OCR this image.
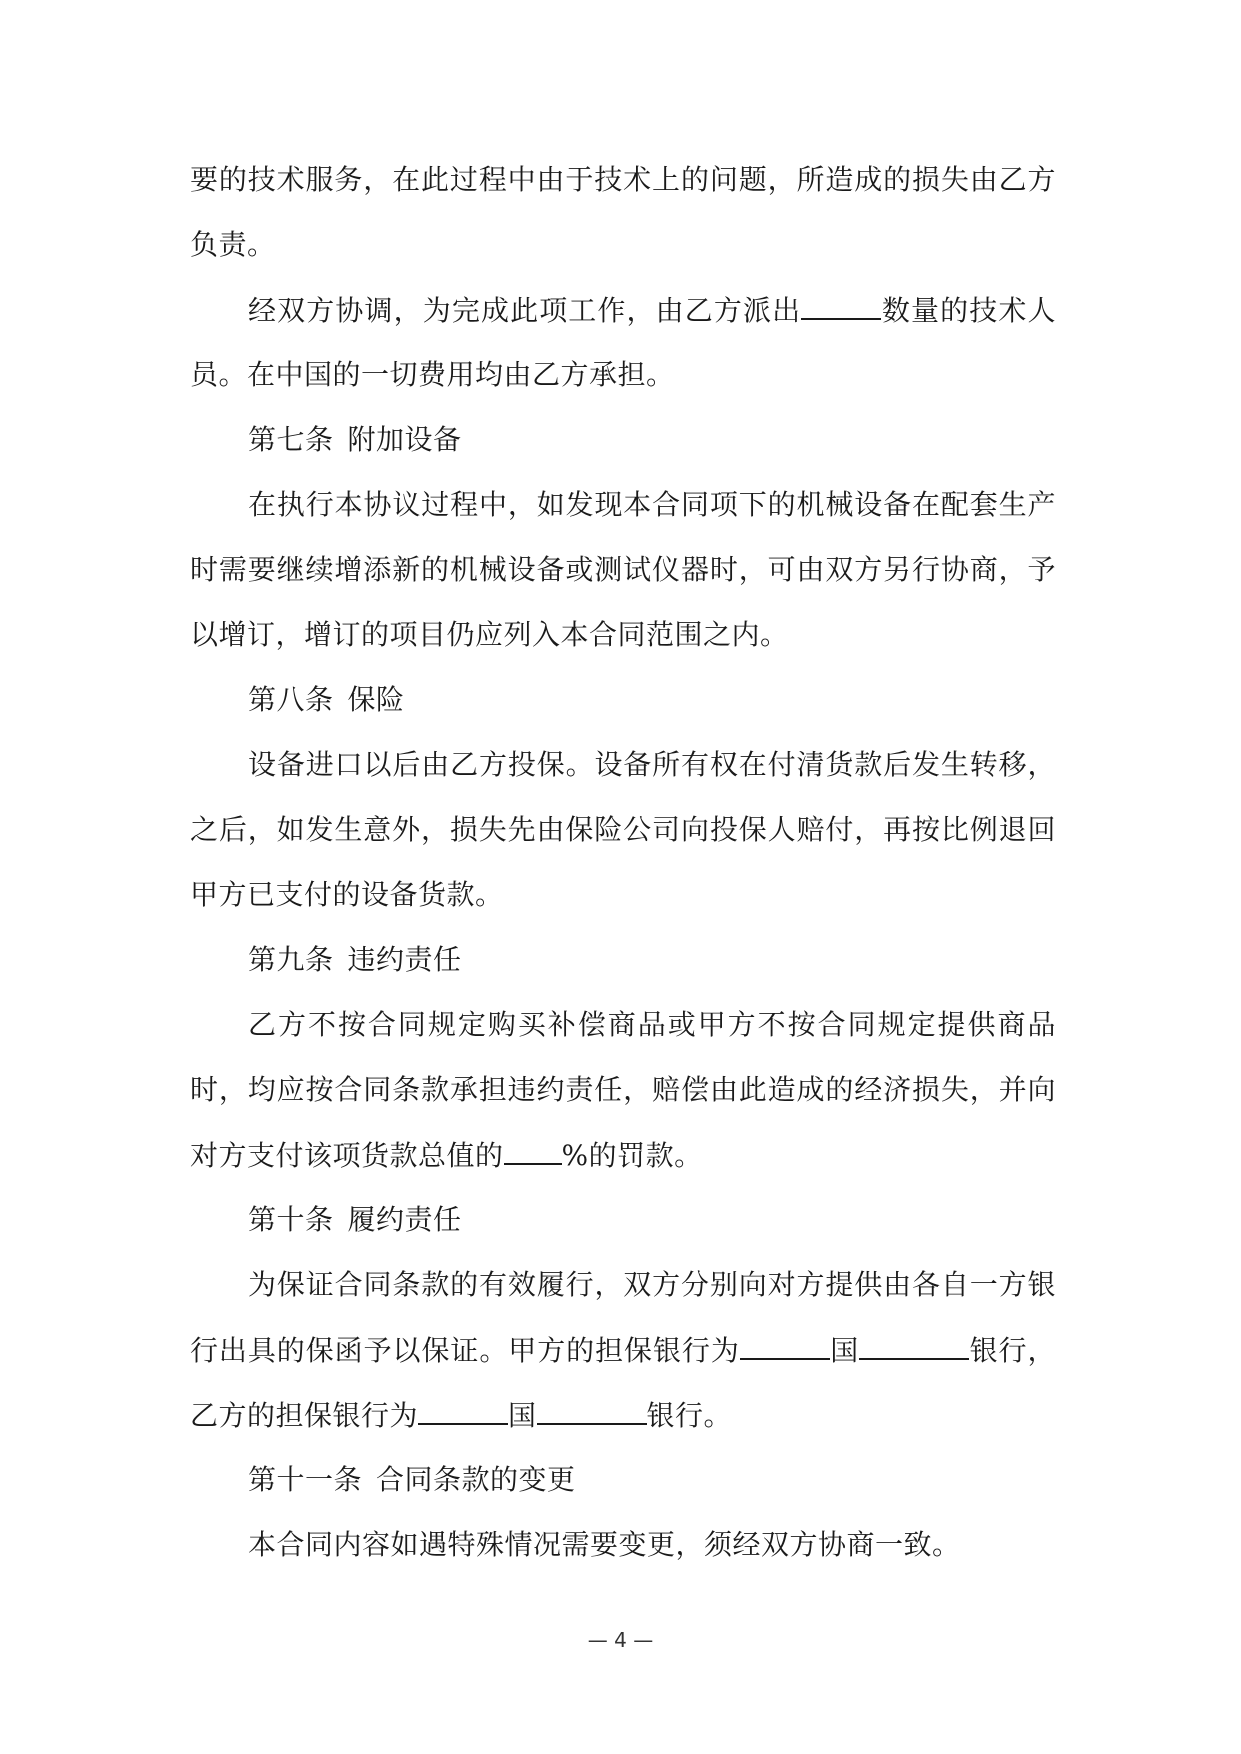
要的技术服务，在此过程中由于技术上的问题，所造成的损失由乙方
负责。
经双方协调，为完成此项工作，由乙方派出	数量的技术人
员。在中国的一切费用均由乙方承担。
第七条 附加设备
在执行本协议过程中，如发现本合同项下的机械设备在配套生产
时需要继续增添新的机械设备或测试仪器时，可由双方另行协商，予
以增订，增订的项目仍应列入本合同范围之内。
第八条 保险
设备进口以后由乙方投保。设备所有权在付清货款后发生转移，
之后，如发生意外，损失先由保险公司向投保人赔付，再按比例退回
甲方已支付的设备货款。
第九条 违约责任
乙方不按合同规定购买补偿商品或甲方不按合同规定提供商品
时，均应按合同条款承担违约责任，赔偿由此造成的经济损失，并向
对方支付该项货款总值的 %的罚款。
第十条 履约责任
为保证合同条款的有效履行，双方分别向对方提供由各自一方银
行出具的保函予以保证。甲方的担保银行为	国	银行，
乙方的担保银行为	国	银行。
第十一条 合同条款的变更
本合同内容如遇特殊情况需要变更，须经双方协商一致。
— 4 —
